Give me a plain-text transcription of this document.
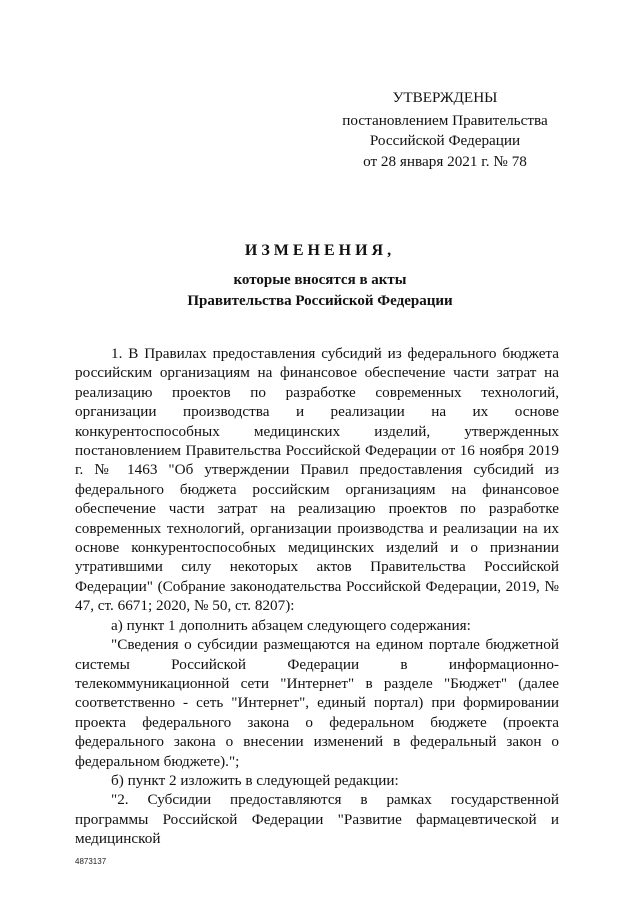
УТВЕРЖДЕНЫ
постановлением Правительства
Российской Федерации
от 28 января 2021 г. № 78
ИЗМЕНЕНИЯ,
которые вносятся в акты
Правительства Российской Федерации

1. В Правилах предоставления субсидий из федерального бюджета российским организациям на финансовое обеспечение части затрат на реализацию проектов по разработке современных технологий, организации производства и реализации на их основе конкурентоспособных медицинских изделий, утвержденных постановлением Правительства Российской Федерации от 16 ноября 2019 г. № 1463 "Об утверждении Правил предоставления субсидий из федерального бюджета российским организациям на финансовое обеспечение части затрат на реализацию проектов по разработке современных технологий, организации производства и реализации на их основе конкурентоспособных медицинских изделий и о признании утратившими силу некоторых актов Правительства Российской Федерации" (Собрание законодательства Российской Федерации, 2019, № 47, ст. 6671; 2020, № 50, ст. 8207):

а) пункт 1 дополнить абзацем следующего содержания:

"Сведения о субсидии размещаются на едином портале бюджетной системы Российской Федерации в информационно-телекоммуникационной сети "Интернет" в разделе "Бюджет" (далее соответственно - сеть "Интернет", единый портал) при формировании проекта федерального закона о федеральном бюджете (проекта федерального закона о внесении изменений в федеральный закон о федеральном бюджете).";

б) пункт 2 изложить в следующей редакции:

"2. Субсидии предоставляются в рамках государственной программы Российской Федерации "Развитие фармацевтической и медицинской

4873137
